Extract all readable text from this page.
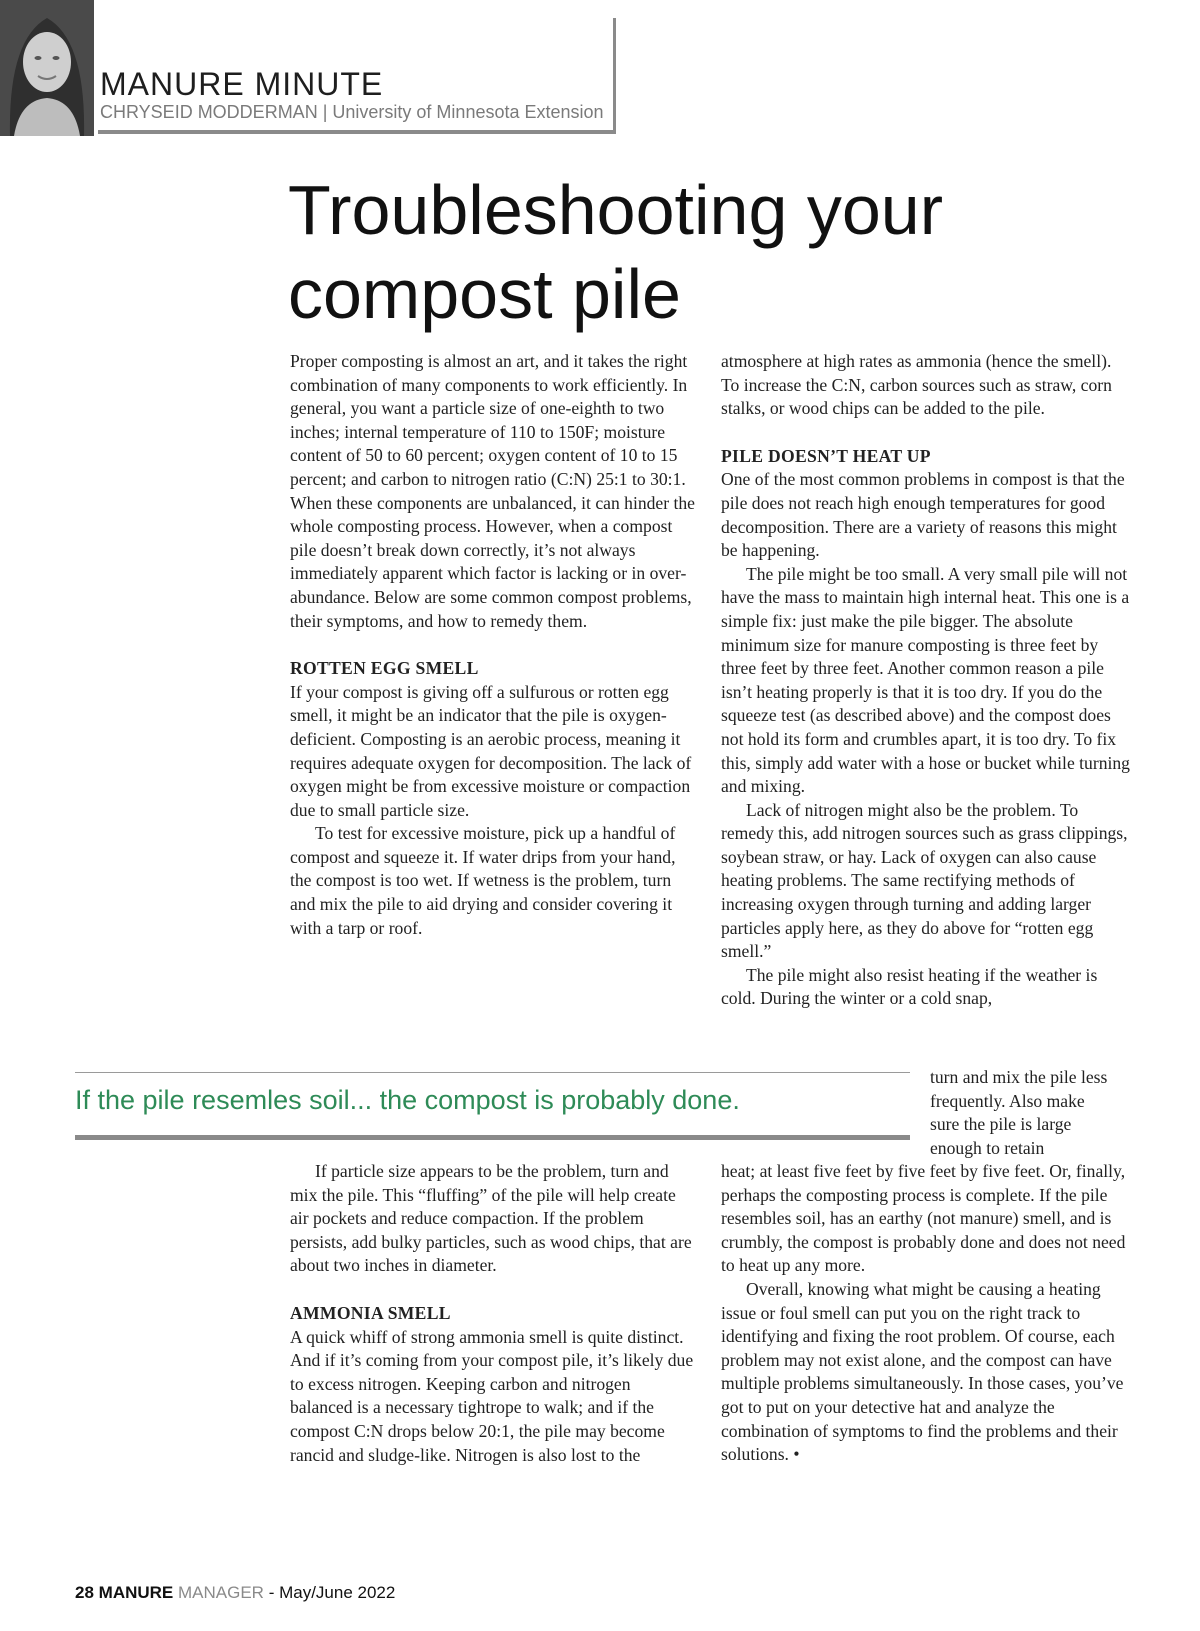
MANURE MINUTE
CHRYSEID MODDERMAN | University of Minnesota Extension
Troubleshooting your
compost pile

Proper composting is almost an art, and it takes the right combination of many components to work efficiently. In general, you want a particle size of one-eighth to two inches; internal temperature of 110 to 150F; moisture content of 50 to 60 percent; oxygen content of 10 to 15 percent; and carbon to nitrogen ratio (C:N) 25:1 to 30:1. When these components are unbalanced, it can hinder the whole composting process. However, when a compost pile doesn’t break down correctly, it’s not always immediately apparent which factor is lacking or in over-abundance. Below are some common compost problems, their symptoms, and how to remedy them.

ROTTEN EGG SMELL

If your compost is giving off a sulfurous or rotten egg smell, it might be an indicator that the pile is oxygen-deficient. Composting is an aerobic process, meaning it requires adequate oxygen for decomposition. The lack of oxygen might be from excessive moisture or compaction due to small particle size.

To test for excessive moisture, pick up a handful of compost and squeeze it. If water drips from your hand, the compost is too wet. If wetness is the problem, turn and mix the pile to aid drying and consider covering it with a tarp or roof.

atmosphere at high rates as ammonia (hence the smell). To increase the C:N, carbon sources such as straw, corn stalks, or wood chips can be added to the pile.

PILE DOESN’T HEAT UP

One of the most common problems in compost is that the pile does not reach high enough temperatures for good decomposition. There are a variety of reasons this might be happening.

The pile might be too small. A very small pile will not have the mass to maintain high internal heat. This one is a simple fix: just make the pile bigger. The absolute minimum size for manure composting is three feet by three feet by three feet. Another common reason a pile isn’t heating properly is that it is too dry. If you do the squeeze test (as described above) and the compost does not hold its form and crumbles apart, it is too dry. To fix this, simply add water with a hose or bucket while turning and mixing.

Lack of nitrogen might also be the problem. To remedy this, add nitrogen sources such as grass clippings, soybean straw, or hay. Lack of oxygen can also cause heating problems. The same rectifying methods of increasing oxygen through turning and adding larger particles apply here, as they do above for “rotten egg smell.”

The pile might also resist heating if the weather is cold. During the winter or a cold snap,

If the pile resemles soil... the compost is probably done.
turn and mix the pile less frequently. Also make sure the pile is large enough to retain

If particle size appears to be the problem, turn and mix the pile. This “fluffing” of the pile will help create air pockets and reduce compaction. If the problem persists, add bulky particles, such as wood chips, that are about two inches in diameter.

AMMONIA SMELL

A quick whiff of strong ammonia smell is quite distinct. And if it’s coming from your compost pile, it’s likely due to excess nitrogen. Keeping carbon and nitrogen balanced is a necessary tightrope to walk; and if the compost C:N drops below 20:1, the pile may become rancid and sludge-like. Nitrogen is also lost to the

heat; at least five feet by five feet by five feet. Or, finally, perhaps the composting process is complete. If the pile resembles soil, has an earthy (not manure) smell, and is crumbly, the compost is probably done and does not need to heat up any more.

Overall, knowing what might be causing a heating issue or foul smell can put you on the right track to identifying and fixing the root problem. Of course, each problem may not exist alone, and the compost can have multiple problems simultaneously. In those cases, you’ve got to put on your detective hat and analyze the combination of symptoms to find the problems and their solutions. •

28 MANURE MANAGER - May/June 2022
